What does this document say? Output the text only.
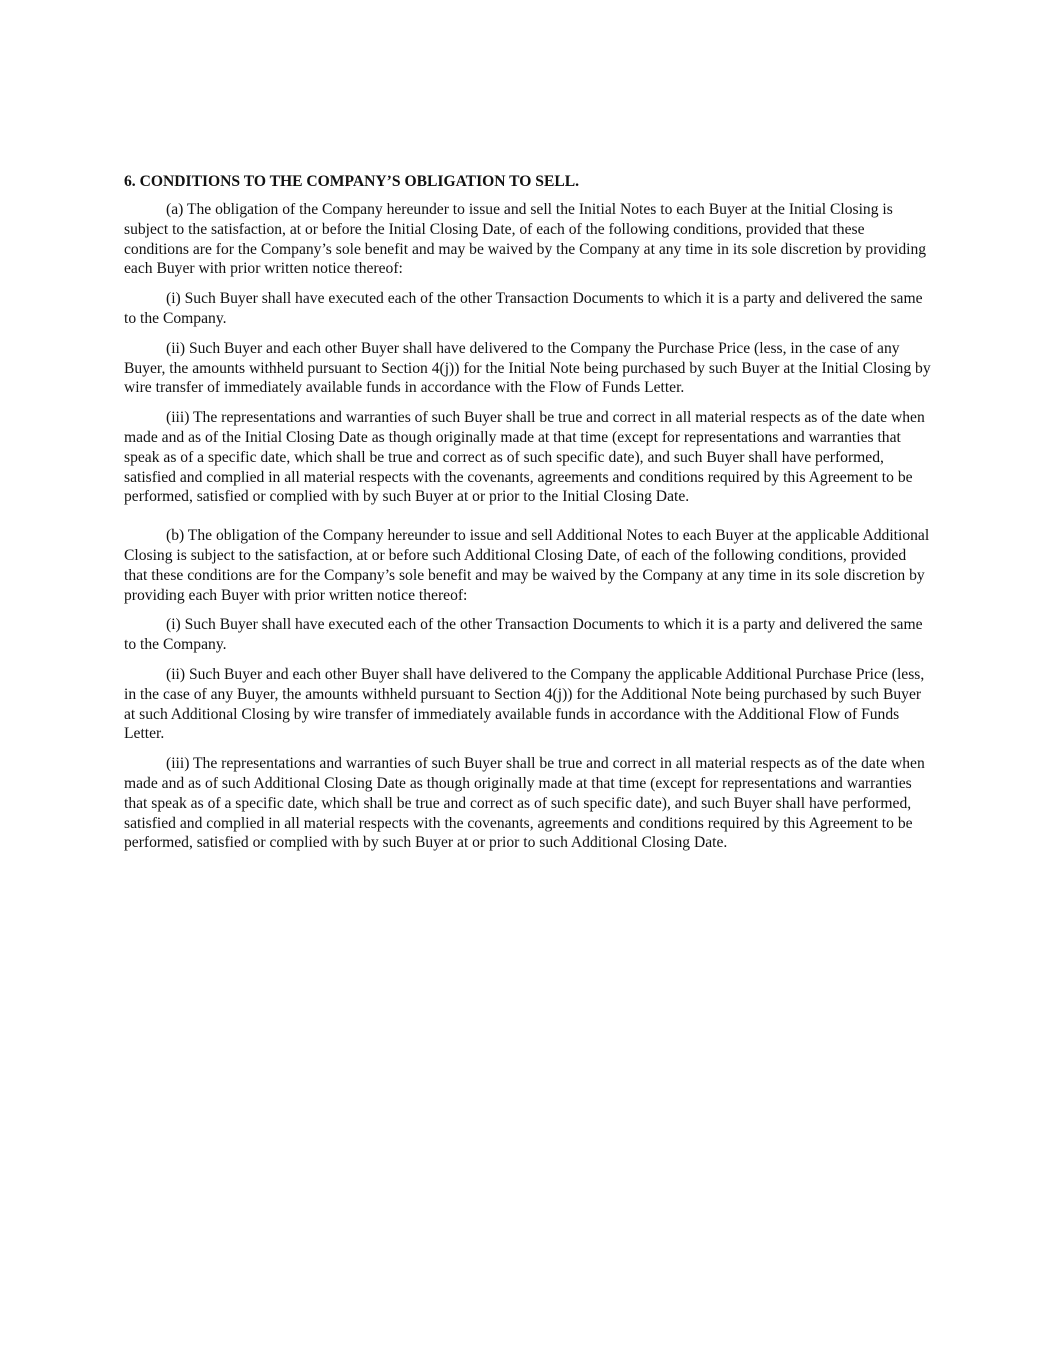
6. CONDITIONS TO THE COMPANY’S OBLIGATION TO SELL.

(a) The obligation of the Company hereunder to issue and sell the Initial Notes to each Buyer at the Initial Closing is subject to the satisfaction, at or before the Initial Closing Date, of each of the following conditions, provided that these conditions are for the Company’s sole benefit and may be waived by the Company at any time in its sole discretion by providing each Buyer with prior written notice thereof:

(i) Such Buyer shall have executed each of the other Transaction Documents to which it is a party and delivered the same to the Company.

(ii) Such Buyer and each other Buyer shall have delivered to the Company the Purchase Price (less, in the case of any Buyer, the amounts withheld pursuant to Section 4(j)) for the Initial Note being purchased by such Buyer at the Initial Closing by wire transfer of immediately available funds in accordance with the Flow of Funds Letter.

(iii) The representations and warranties of such Buyer shall be true and correct in all material respects as of the date when made and as of the Initial Closing Date as though originally made at that time (except for representations and warranties that speak as of a specific date, which shall be true and correct as of such specific date), and such Buyer shall have performed, satisfied and complied in all material respects with the covenants, agreements and conditions required by this Agreement to be performed, satisfied or complied with by such Buyer at or prior to the Initial Closing Date.

(b) The obligation of the Company hereunder to issue and sell Additional Notes to each Buyer at the applicable Additional Closing is subject to the satisfaction, at or before such Additional Closing Date, of each of the following conditions, provided that these conditions are for the Company’s sole benefit and may be waived by the Company at any time in its sole discretion by providing each Buyer with prior written notice thereof:

(i) Such Buyer shall have executed each of the other Transaction Documents to which it is a party and delivered the same to the Company.

(ii) Such Buyer and each other Buyer shall have delivered to the Company the applicable Additional Purchase Price (less, in the case of any Buyer, the amounts withheld pursuant to Section 4(j)) for the Additional Note being purchased by such Buyer at such Additional Closing by wire transfer of immediately available funds in accordance with the Additional Flow of Funds Letter.

(iii) The representations and warranties of such Buyer shall be true and correct in all material respects as of the date when made and as of such Additional Closing Date as though originally made at that time (except for representations and warranties that speak as of a specific date, which shall be true and correct as of such specific date), and such Buyer shall have performed, satisfied and complied in all material respects with the covenants, agreements and conditions required by this Agreement to be performed, satisfied or complied with by such Buyer at or prior to such Additional Closing Date.
